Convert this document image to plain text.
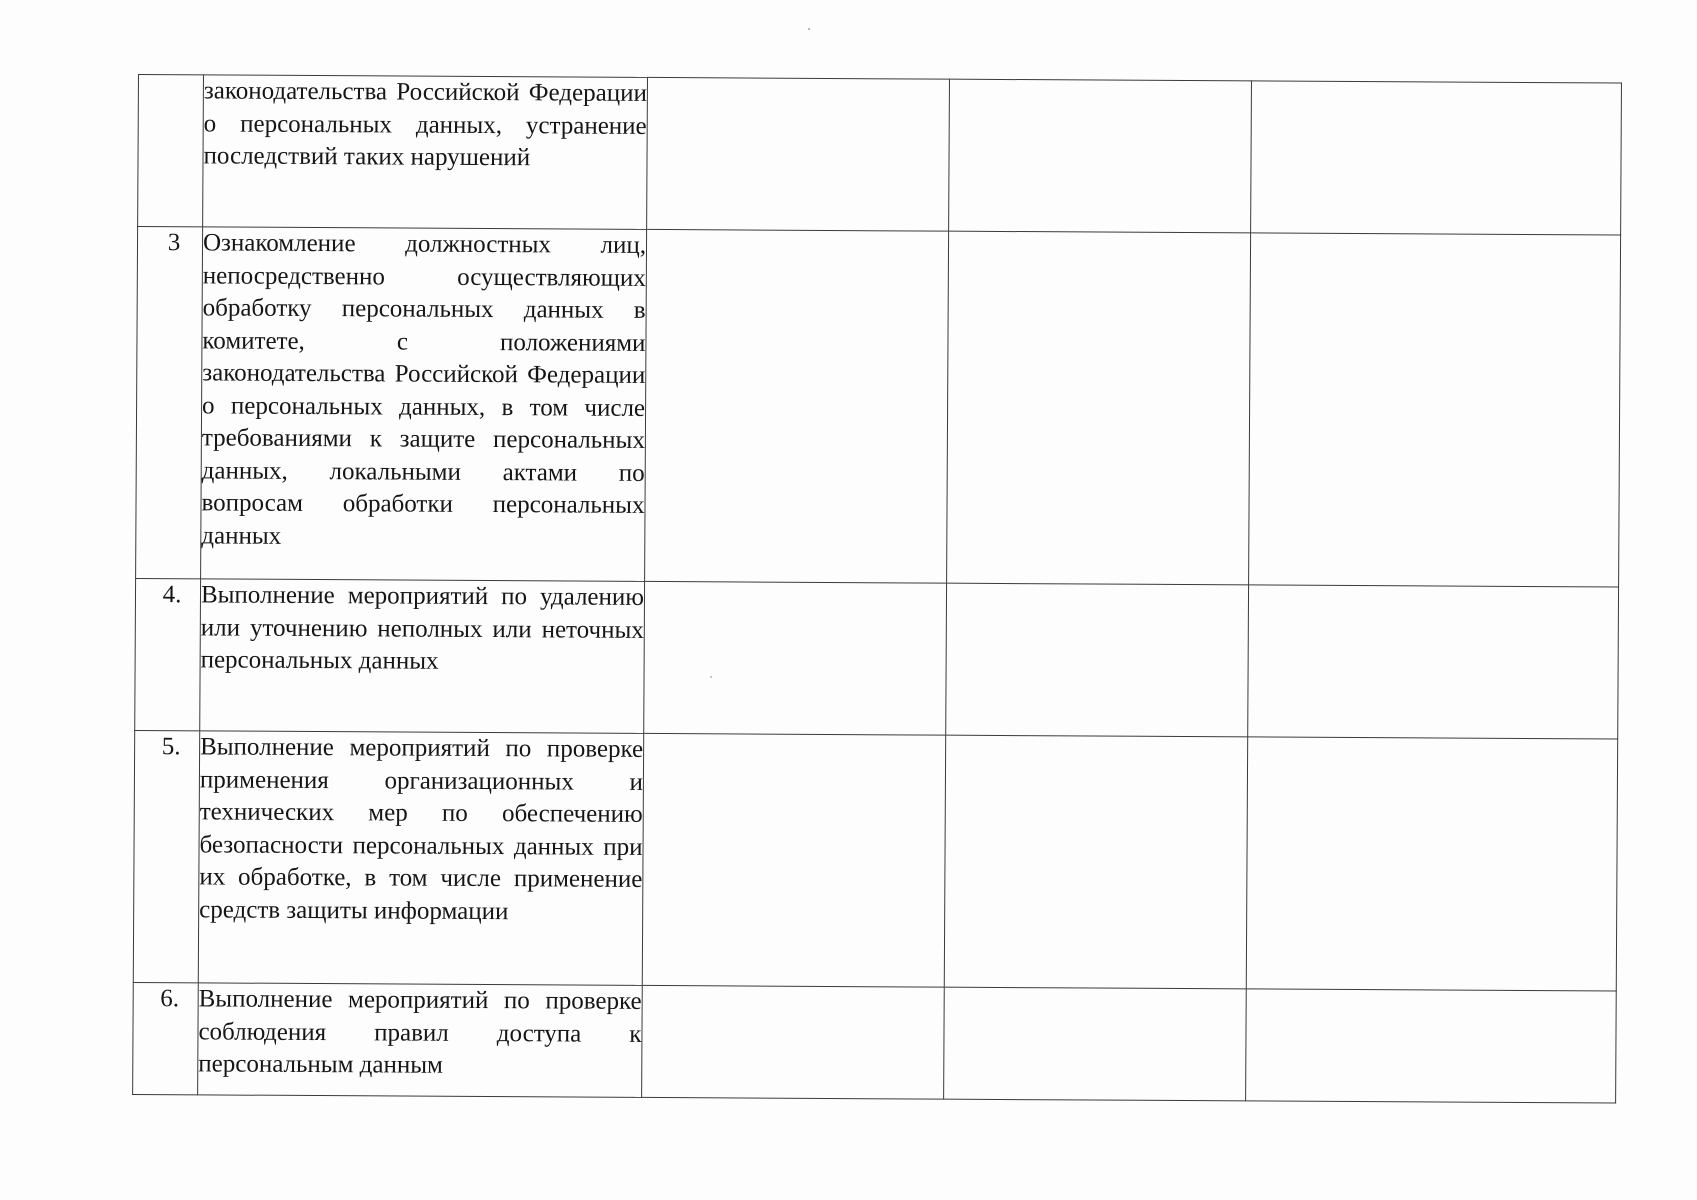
	законодательства Российской Федерации о персональных данных, устранение последствий таких нарушений			

3	Ознакомление должностных лиц, непосредственно осуществляющих обработку персональных данных в комитете, с положениями законодательства Российской Федерации о персональных данных, в том числе требованиями к защите персональных данных, локальными актами по вопросам обработки персональных данных			

4.	Выполнение мероприятий по удалению или уточнению неполных или неточных персональных данных			

5.	Выполнение мероприятий по проверке применения организационных и технических мер по обеспечению безопасности персональных данных при их обработке, в том числе применение средств защиты информации			

6.	Выполнение мероприятий по проверке соблюдения правил доступа к персональным данным			
